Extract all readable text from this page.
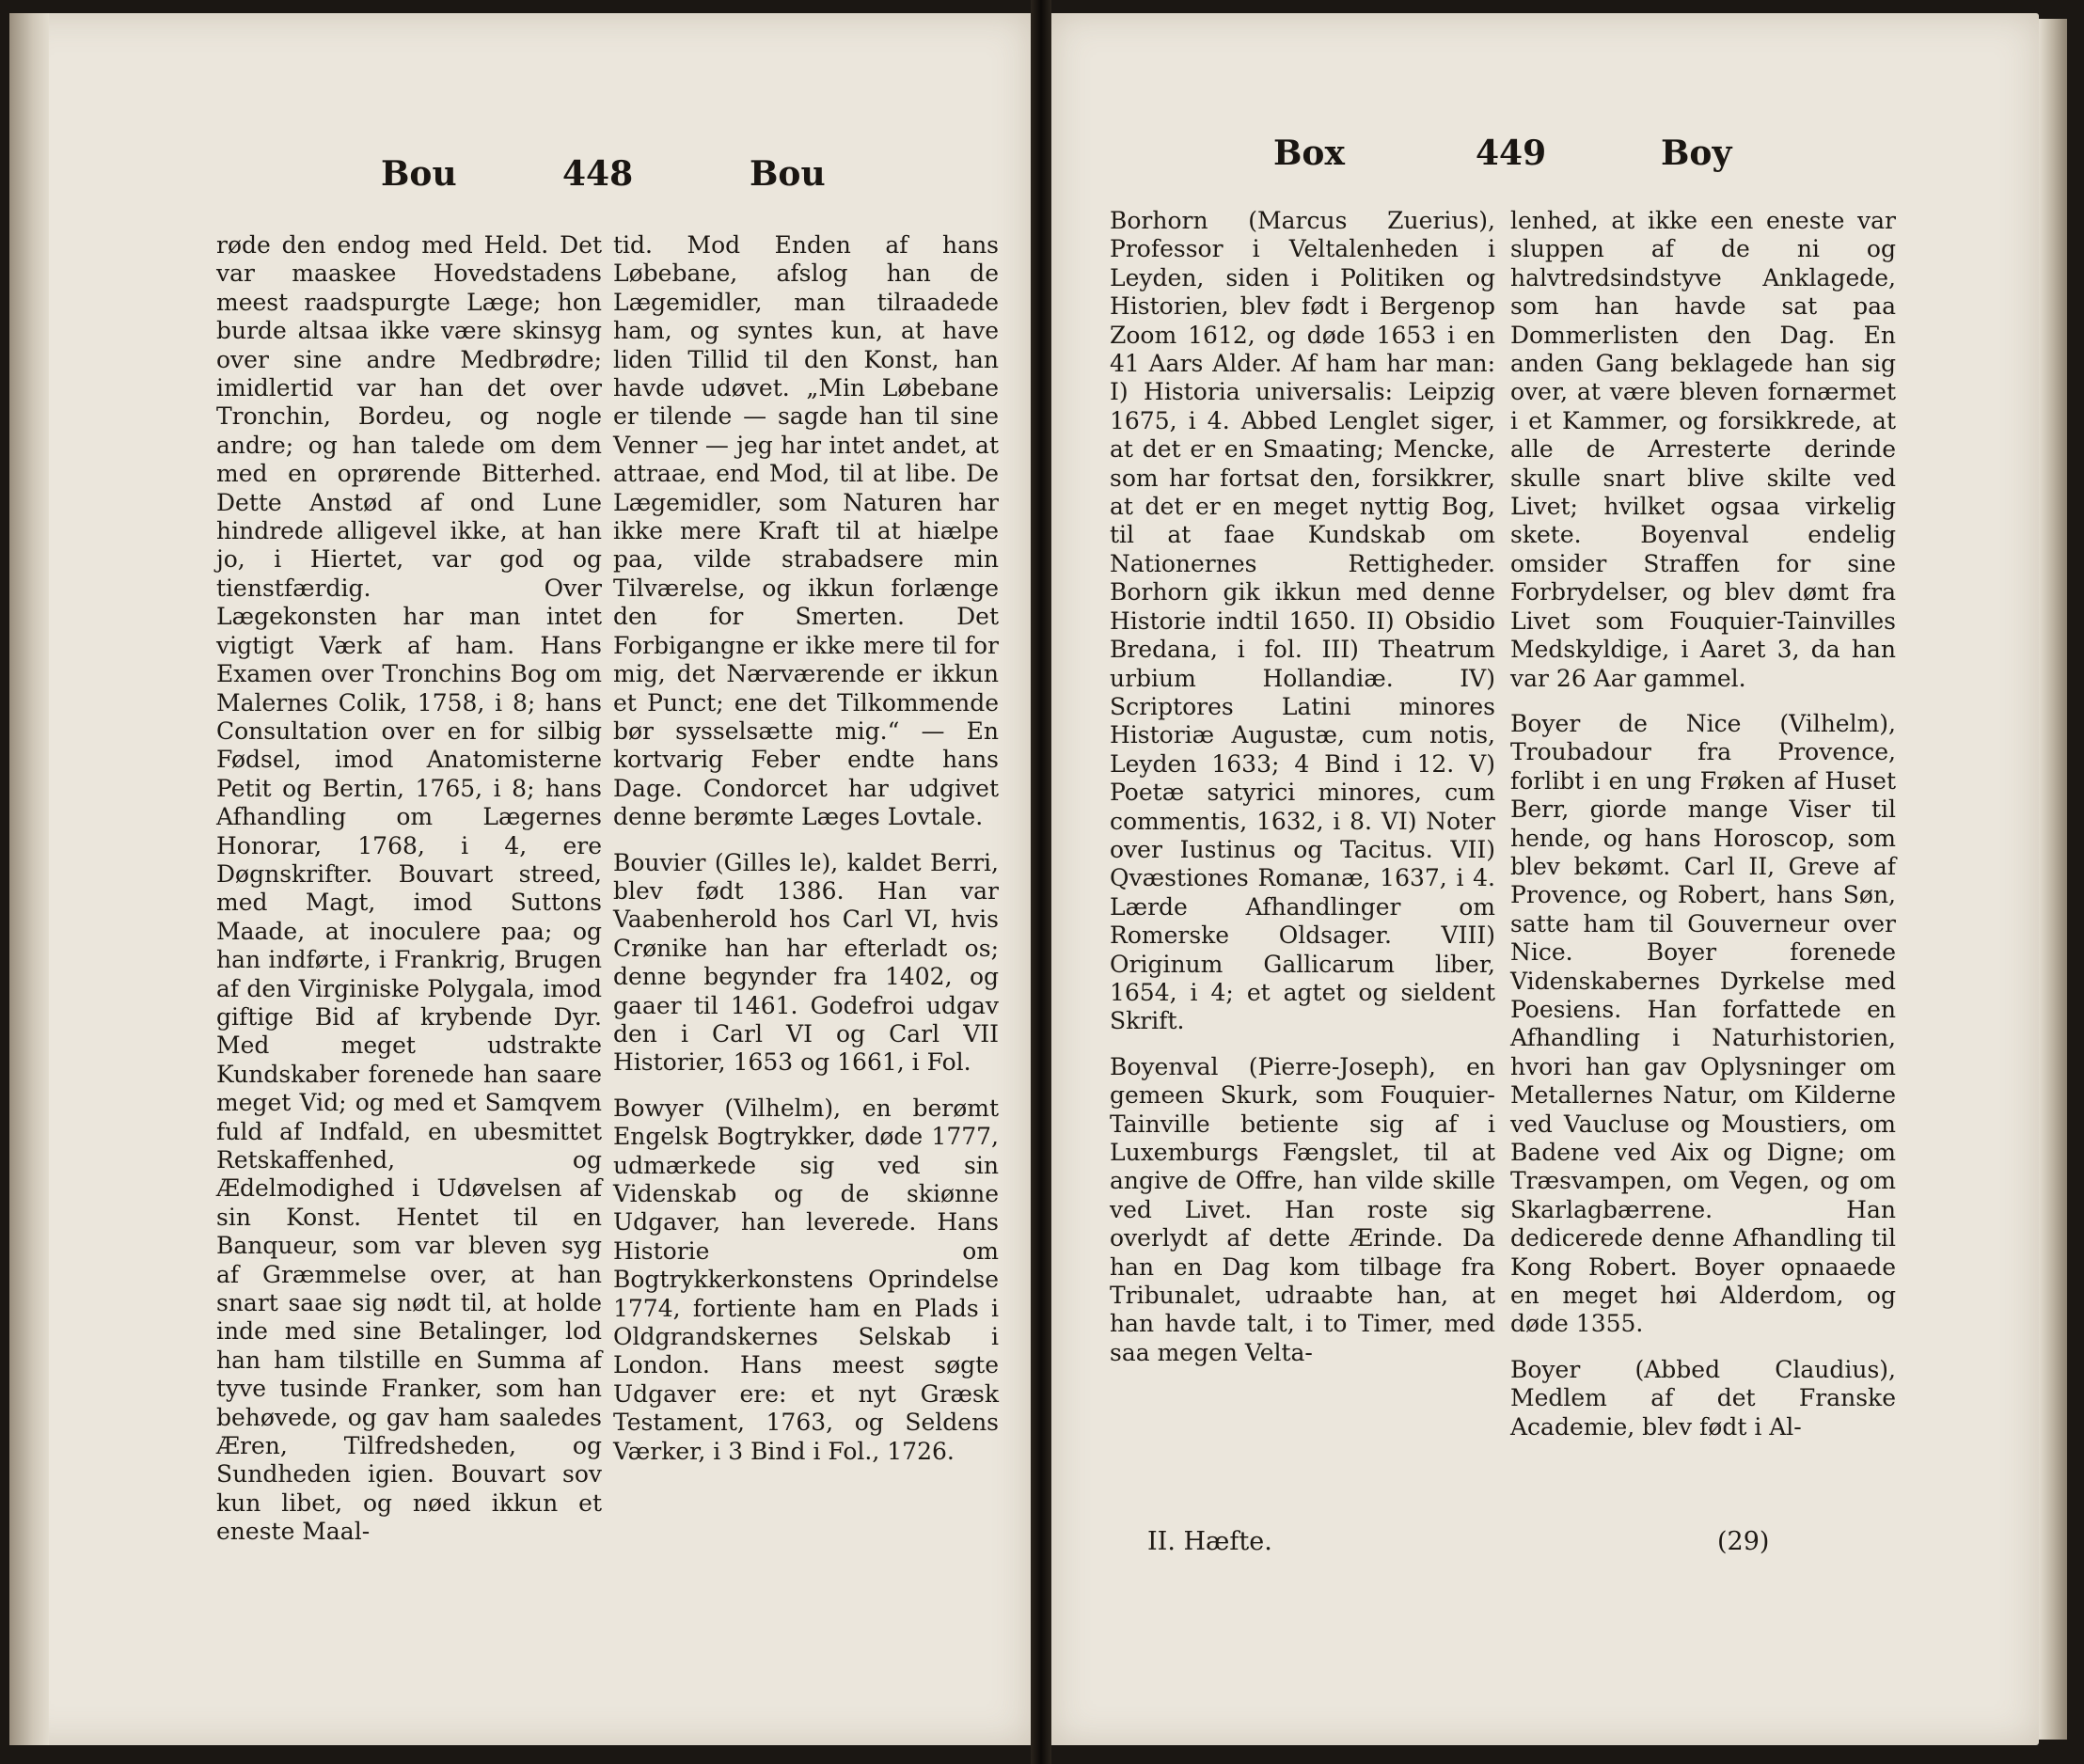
Bou	448	Bou

røde den endog med Held. Det var maaskee Hovedstadens meest raadspurgte Læge; hon burde altsaa ikke være skinsyg over sine andre Medbrødre; imidlertid var han det over Tronchin, Bordeu, og nogle andre; og han talede om dem med en oprørende Bitterhed. Dette Anstød af ond Lune hindrede alligevel ikke, at han jo, i Hiertet, var god og tienstfærdig. Over Lægekonsten har man intet vigtigt Værk af ham. Hans Examen over Tronchins Bog om Malernes Colik, 1758, i 8; hans Consultation over en for silbig Fødsel, imod Anatomisterne Petit og Bertin, 1765, i 8; hans Afhandling om Lægernes Honorar, 1768, i 4, ere Døgnskrifter. Bouvart streed, med Magt, imod Suttons Maade, at inoculere paa; og han indførte, i Frankrig, Brugen af den Virginiske Polygala, imod giftige Bid af krybende Dyr. Med meget udstrakte Kundskaber forenede han saare meget Vid; og med et Samqvem fuld af Indfald, en ubesmittet Retskaffenhed, og Ædelmodighed i Udøvelsen af sin Konst. Hentet til en Banqueur, som var bleven syg af Græmmelse over, at han snart saae sig nødt til, at holde inde med sine Betalinger, lod han ham tilstille en Summa af tyve tusinde Franker, som han behøvede, og gav ham saaledes Æren, Tilfredsheden, og Sundheden igien. Bouvart sov kun libet, og nøed ikkun et eneste Maal-

tid. Mod Enden af hans Løbebane, afslog han de Lægemidler, man tilraadede ham, og syntes kun, at have liden Tillid til den Konst, han havde udøvet. „Min Løbebane er tilende — sagde han til sine Venner — jeg har intet andet, at attraae, end Mod, til at libe. De Lægemidler, som Naturen har ikke mere Kraft til at hiælpe paa, vilde strabadsere min Tilværelse, og ikkun forlænge den for Smerten. Det Forbigangne er ikke mere til for mig, det Nærværende er ikkun et Punct; ene det Tilkommende bør sysselsætte mig.“ — En kortvarig Feber endte hans Dage. Condorcet har udgivet denne berømte Læges Lovtale.

Bouvier (Gilles le), kaldet Berri, blev født 1386. Han var Vaabenherold hos Carl VI, hvis Crønike han har efterladt os; denne begynder fra 1402, og gaaer til 1461. Godefroi udgav den i Carl VI og Carl VII Historier, 1653 og 1661, i Fol.

Bowyer (Vilhelm), en berømt Engelsk Bogtrykker, døde 1777, udmærkede sig ved sin Videnskab og de skiønne Udgaver, han leverede. Hans Historie om Bogtrykkerkonstens Oprindelse 1774, fortiente ham en Plads i Oldgrandskernes Selskab i London. Hans meest søgte Udgaver ere: et nyt Græsk Testament, 1763, og Seldens Værker, i 3 Bind i Fol., 1726.

Box	449	Boy

Borhorn (Marcus Zuerius), Professor i Veltalenheden i Leyden, siden i Politiken og Historien, blev født i Bergenop Zoom 1612, og døde 1653 i en 41 Aars Alder. Af ham har man: I) Historia universalis: Leipzig 1675, i 4. Abbed Lenglet siger, at det er en Smaating; Mencke, som har fortsat den, forsikkrer, at det er en meget nyttig Bog, til at faae Kundskab om Nationernes Rettigheder. Borhorn gik ikkun med denne Historie indtil 1650. II) Obsidio Bredana, i fol. III) Theatrum urbium Hollandiæ. IV) Scriptores Latini minores Historiæ Augustæ, cum notis, Leyden 1633; 4 Bind i 12. V) Poetæ satyrici minores, cum commentis, 1632, i 8. VI) Noter over Iustinus og Tacitus. VII) Qvæstiones Romanæ, 1637, i 4. Lærde Afhandlinger om Romerske Oldsager. VIII) Originum Gallicarum liber, 1654, i 4; et agtet og sieldent Skrift.

Boyenval (Pierre-Joseph), en gemeen Skurk, som Fouquier-Tainville betiente sig af i Luxemburgs Fængslet, til at angive de Offre, han vilde skille ved Livet. Han roste sig overlydt af dette Ærinde. Da han en Dag kom tilbage fra Tribunalet, udraabte han, at han havde talt, i to Timer, med saa megen Velta-

lenhed, at ikke een eneste var sluppen af de ni og halvtredsindstyve Anklagede, som han havde sat paa Dommerlisten den Dag. En anden Gang beklagede han sig over, at være bleven fornærmet i et Kammer, og forsikkrede, at alle de Arresterte derinde skulle snart blive skilte ved Livet; hvilket ogsaa virkelig skete. Boyenval endelig omsider Straffen for sine Forbrydelser, og blev dømt fra Livet som Fouquier-Tainvilles Medskyldige, i Aaret 3, da han var 26 Aar gammel.

Boyer de Nice (Vilhelm), Troubadour fra Provence, forlibt i en ung Frøken af Huset Berr, giorde mange Viser til hende, og hans Horoscop, som blev bekømt. Carl II, Greve af Provence, og Robert, hans Søn, satte ham til Gouverneur over Nice. Boyer forenede Videnskabernes Dyrkelse med Poesiens. Han forfattede en Afhandling i Naturhistorien, hvori han gav Oplysninger om Metallernes Natur, om Kilderne ved Vaucluse og Moustiers, om Badene ved Aix og Digne; om Træsvampen, om Vegen, og om Skarlagbærrene. Han dedicerede denne Afhandling til Kong Robert. Boyer opnaaede en meget høi Alderdom, og døde 1355.

Boyer (Abbed Claudius), Medlem af det Franske Academie, blev født i Al-

II. Hæfte.	(29)
